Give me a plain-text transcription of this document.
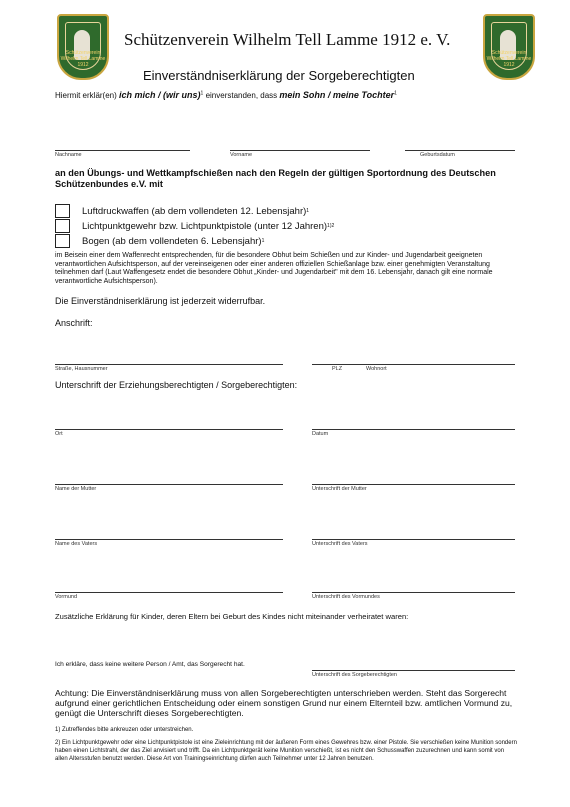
Schützenverein Wilhelm Tell Lamme 1912
Schützenverein Wilhelm Tell Lamme 1912
Schützenverein Wilhelm Tell Lamme 1912 e. V.
Einverständniserklärung der Sorgeberechtigten
Hiermit erklär(en) ich mich / (wir uns)$^1$ einverstanden, dass mein Sohn / meine Tochter$^1$
Nachname	Vorname	Geburtsdatum
an den Übungs- und Wettkampfschießen nach den Regeln der gültigen Sportordnung des Deutschen Schützenbundes e.V. mit
Luftdruckwaffen (ab dem vollendeten 12. Lebensjahr) 1
Lichtpunktgewehr bzw. Lichtpunktpistole (unter 12 Jahren) 1)2
Bogen (ab dem vollendeten 6. Lebensjahr) 1
im Beisein einer dem Waffenrecht entsprechenden, für die besondere Obhut beim Schießen und zur Kinder- und Jugendarbeit geeigneten verantwortlichen Aufsichtsperson, auf der vereinseigenen oder einer anderen offiziellen Schießanlage bzw. einer genehmigten Veranstaltung teilnehmen darf (Laut Waffengesetz endet die besondere Obhut „Kinder- und Jugendarbeit" mit dem 16. Lebensjahr, danach gilt eine normale verantwortliche Aufsichtsperson).
Die Einverständniserklärung ist jederzeit widerrufbar.
Anschrift:
Straße, Hausnummer	PLZ	Wohnort
Unterschrift der Erziehungsberechtigten / Sorgeberechtigten:
Ort	Datum
Name der Mutter	Unterschrift der Mutter
Name des Vaters	Unterschrift des Vaters
Vormund	Unterschrift des Vormundes
Zusätzliche Erklärung für Kinder, deren Eltern bei Geburt des Kindes nicht miteinander verheiratet waren:
Ich erkläre, dass keine weitere Person / Amt, das Sorgerecht hat.
Unterschrift des Sorgeberechtigten
Achtung: Die Einverständniserklärung muss von allen Sorgeberechtigten unterschrieben werden. Steht das Sorgerecht aufgrund einer gerichtlichen Entscheidung oder einem sonstigen Grund nur einem Elternteil bzw. amtlichen Vormund zu, genügt die Unterschrift dieses Sorgeberechtigten.
1) Zutreffendes bitte ankreuzen oder unterstreichen.
2) Ein Lichtpunktgewehr oder eine Lichtpunktpistole ist eine Zieleinrichtung mit der äußeren Form eines Gewehres bzw. einer Pistole. Sie verschießen keine Munition sondern haben einen Lichtstrahl, der das Ziel anvisiert und trifft. Da ein Lichtpunktgerät keine Munition verschießt, ist es nicht den Schusswaffen zuzurechnen und kann somit von allen Altersstufen benutzt werden. Diese Art von Trainingseinrichtung dürfen auch Teilnehmer unter 12 Jahren benutzen.
